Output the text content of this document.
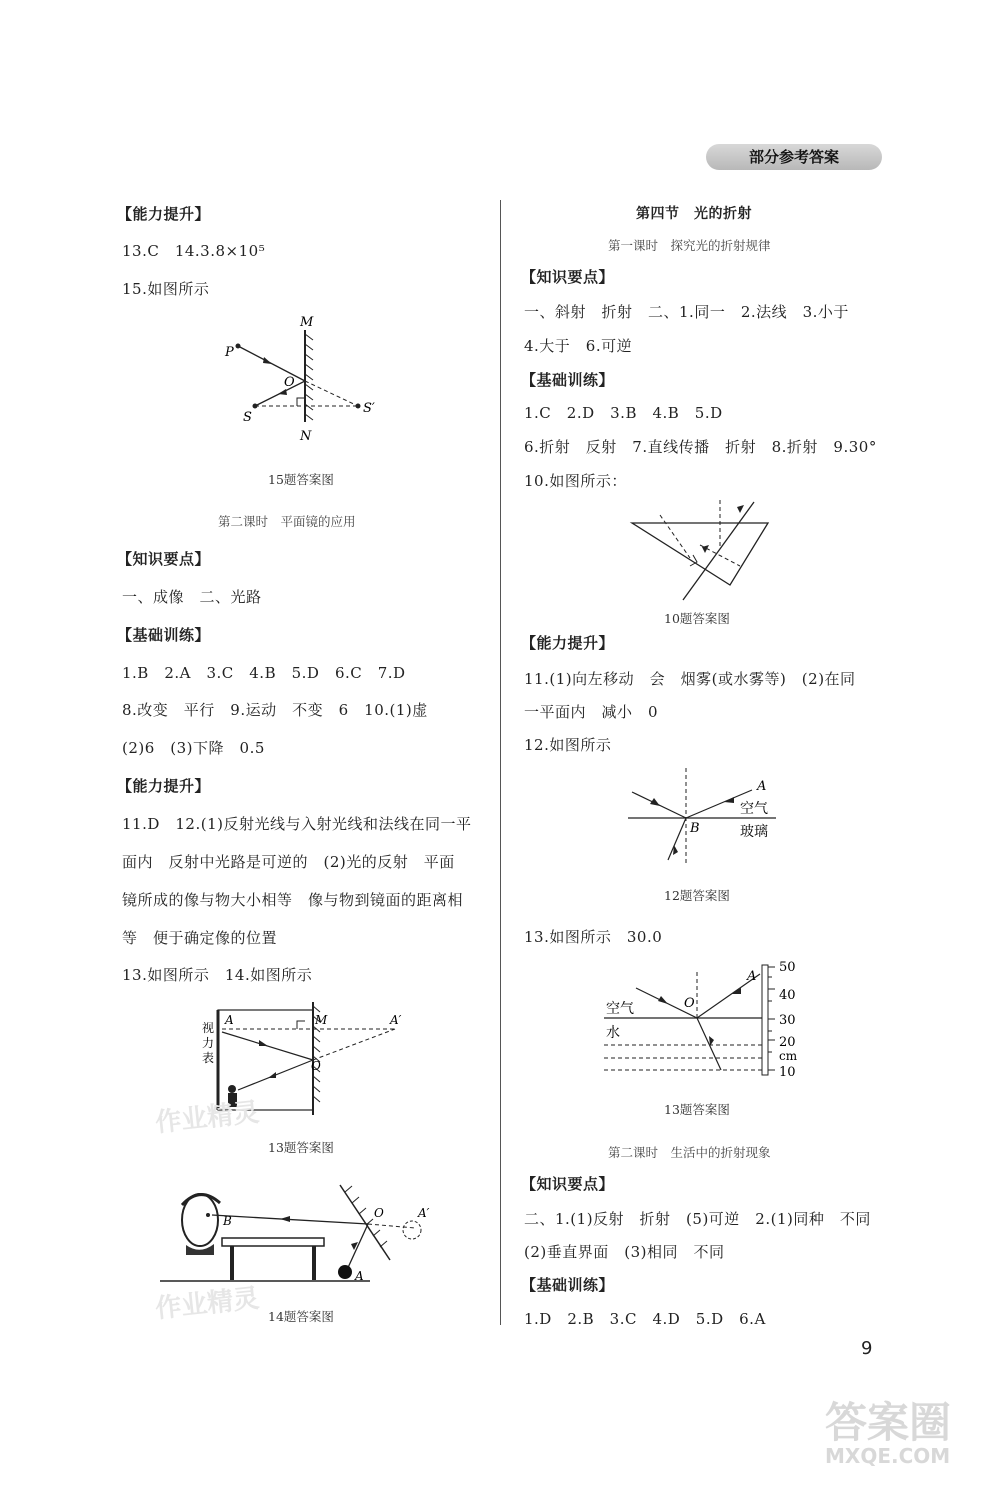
部分参考答案
【能力提升】
13.C　14.3.8×10⁵
15.如图所示
M
N
P
O
S
S′
15题答案图
第二课时　平面镜的应用
【知识要点】
一、成像　二、光路
【基础训练】
1.B　2.A　3.C　4.B　5.D　6.C　7.D
8.改变　平行　9.运动　不变　6　10.(1)虚
(2)6　(3)下降　0.5
【能力提升】
11.D　12.(1)反射光线与入射光线和法线在同一平
面内　反射中光路是可逆的　(2)光的反射　平面
镜所成的像与物大小相等　像与物到镜面的距离相
等　便于确定像的位置
13.如图所示　14.如图所示
A	M	A′
O
视力表
13题答案图
B
O
A
A′
14题答案图
第四节　光的折射
第一课时　探究光的折射规律
【知识要点】
一、斜射　折射　二、1.同一　2.法线　3.小于
4.大于　6.可逆
【基础训练】
1.C　2.D　3.B　4.B　5.D
6.折射　反射　7.直线传播　折射　8.折射　9.30°
10.如图所示：
10题答案图
【能力提升】
11.(1)向左移动　会　烟雾(或水雾等)　(2)在同
一平面内　减小　0
12.如图所示
A
B
空气
玻璃
12题答案图
13.如图所示　30.0
O
A
空气
水
50
40
30
20
cm
10
13题答案图
第二课时　生活中的折射现象
【知识要点】
二、1.(1)反射　折射　(5)可逆　2.(1)同种　不同
(2)垂直界面　(3)相同　不同
【基础训练】
1.D　2.B　3.C　4.D　5.D　6.A
9
作业精灵
作业精灵
答案圈
MXQE.COM
